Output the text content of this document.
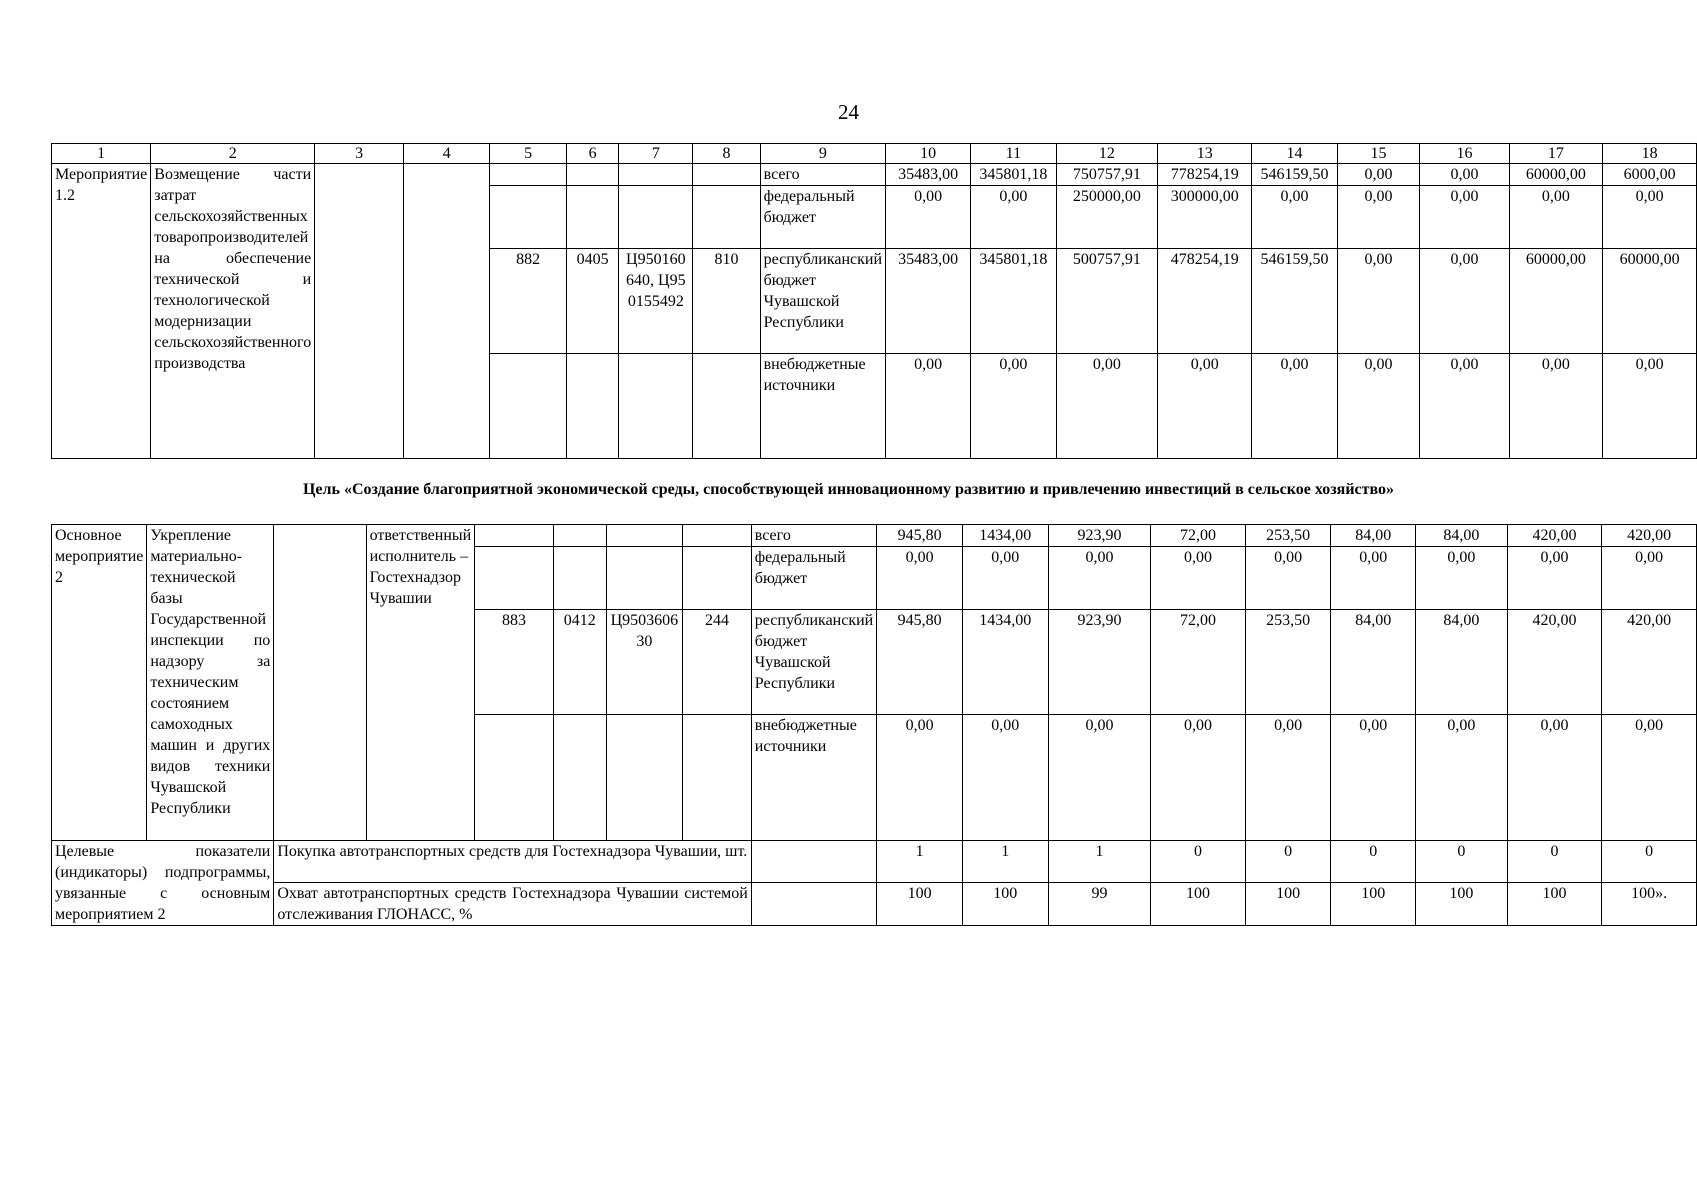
24
1	2	3	4	5	6	7	8	9	10	11	12	13	14	15	16	17	18
Мероприятие 1.2	Возмещение части затрат сельскохозяйственных товаропроизводителей на обеспечение технической и технологической модернизации сельскохозяйственного производства							всего	35483,00	345801,18	750757,91	778254,19	546159,50	0,00	0,00	60000,00	6000,00
								федеральный бюджет	0,00	0,00	250000,00	300000,00	0,00	0,00	0,00	0,00	0,00
				882	0405	Ц950160640, Ц950155492	810	республиканский бюджет Чувашской Республики	35483,00	345801,18	500757,91	478254,19	546159,50	0,00	0,00	60000,00	60000,00
								внебюджетные источники	0,00	0,00	0,00	0,00	0,00	0,00	0,00	0,00	0,00
Цель «Создание благоприятной экономической среды, способствующей инновационному развитию и привлечению инвестиций в сельское хозяйство»
Основное мероприятие 2	Укрепление материально-технической базы Государственной инспекции по надзору за техническим состоянием самоходных машин и других видов техники Чувашской Республики		ответственный исполнитель – Гостехнадзор Чувашии					всего	945,80	1434,00	923,90	72,00	253,50	84,00	84,00	420,00	420,00
								федеральный бюджет	0,00	0,00	0,00	0,00	0,00	0,00	0,00	0,00	0,00
				883	0412	Ц950360630	244	республиканский бюджет Чувашской Республики	945,80	1434,00	923,90	72,00	253,50	84,00	84,00	420,00	420,00
								внебюджетные источники	0,00	0,00	0,00	0,00	0,00	0,00	0,00	0,00	0,00
Целевые показатели (индикаторы) подпрограммы, увязанные с основным мероприятием 2		Покупка автотранспортных средств для Гостехнадзора Чувашии, шт.							1	1	1	0	0	0	0	0	0
		Охват автотранспортных средств Гостехнадзора Чувашии системой отслеживания ГЛОНАСС, %							100	100	99	100	100	100	100	100	100».
